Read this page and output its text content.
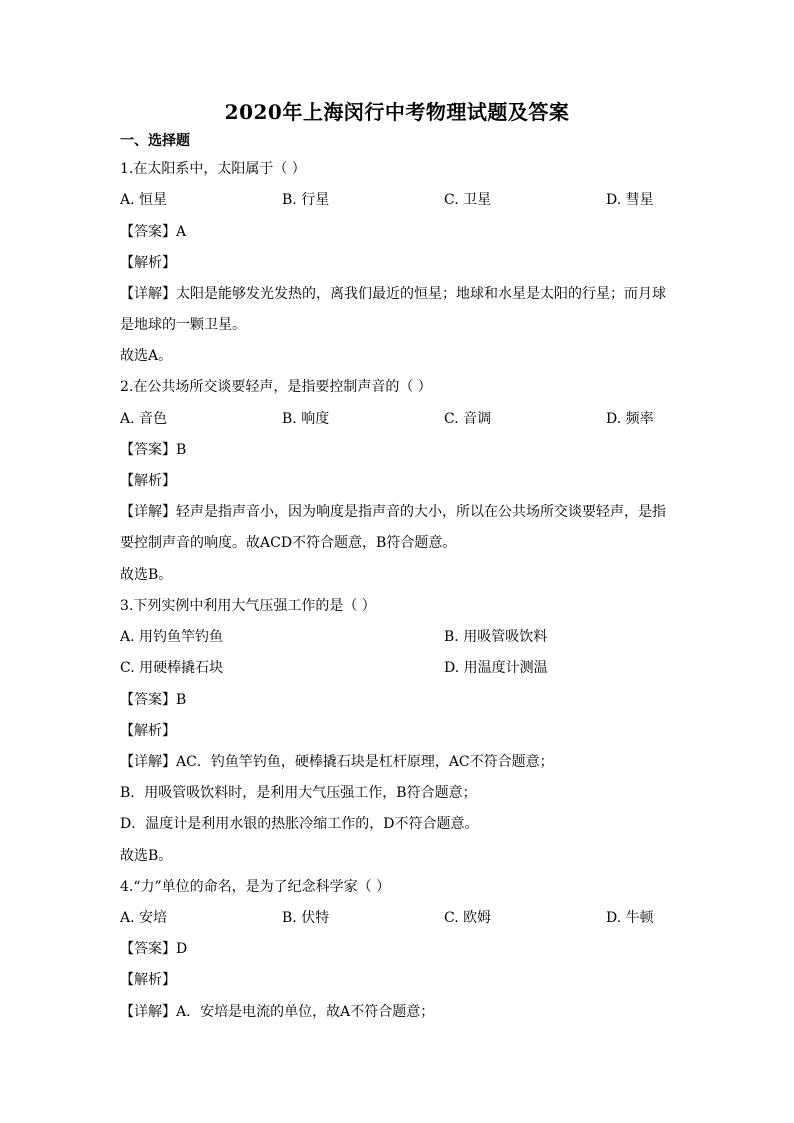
2020年上海闵行中考物理试题及答案
一、选择题
1.在太阳系中，太阳属于（ ）
A. 恒星	B. 行星	C. 卫星	D. 彗星
【答案】A
【解析】
【详解】太阳是能够发光发热的，离我们最近的恒星；地球和水星是太阳的行星；而月球
是地球的一颗卫星。
故选A。
2.在公共场所交谈要轻声，是指要控制声音的（ ）
A. 音色	B. 响度	C. 音调	D. 频率
【答案】B
【解析】
【详解】轻声是指声音小，因为响度是指声音的大小，所以在公共场所交谈要轻声，是指
要控制声音的响度。故ACD不符合题意，B符合题意。
故选B。
3.下列实例中利用大气压强工作的是（ ）
A. 用钓鱼竿钓鱼	B. 用吸管吸饮料
C. 用硬棒撬石块	D. 用温度计测温
【答案】B
【解析】
【详解】AC．钓鱼竿钓鱼，硬棒撬石块是杠杆原理，AC不符合题意；
B．用吸管吸饮料时，是利用大气压强工作，B符合题意；
D．温度计是利用水银的热胀冷缩工作的，D不符合题意。
故选B。
4.“力”单位的命名，是为了纪念科学家（ ）
A. 安培	B. 伏特	C. 欧姆	D. 牛顿
【答案】D
【解析】
【详解】A．安培是电流的单位，故A不符合题意；
